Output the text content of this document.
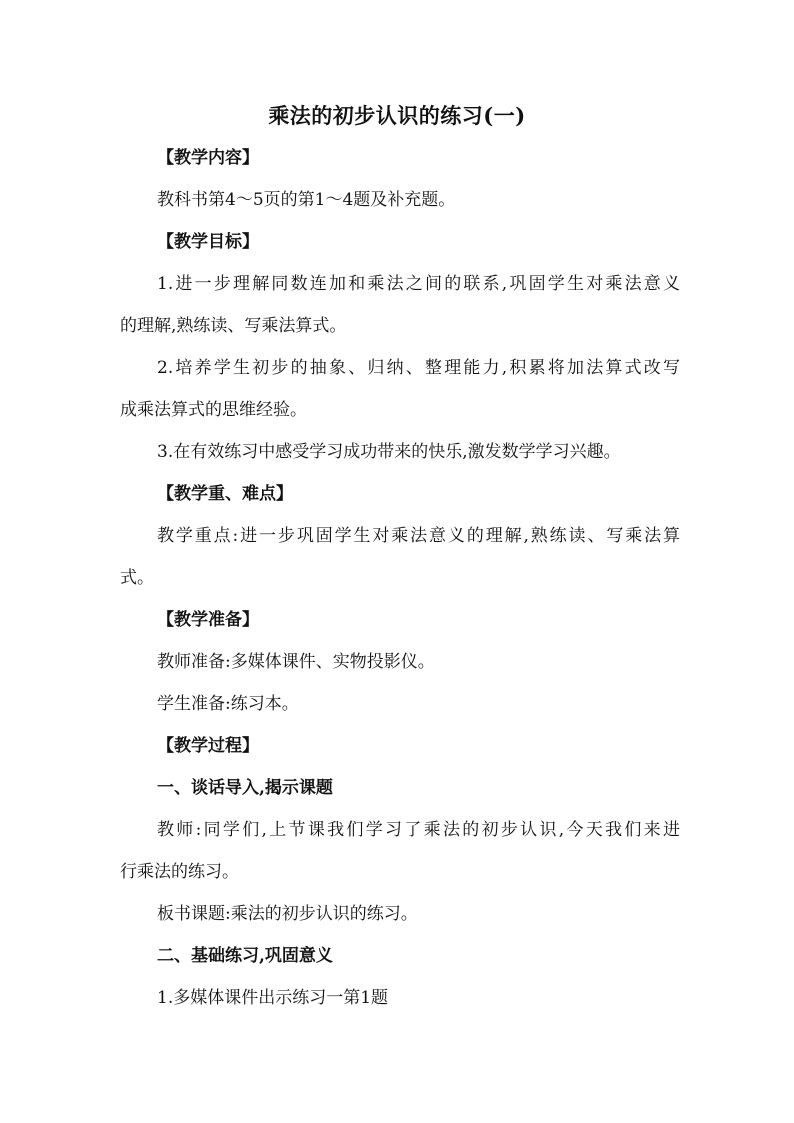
乘法的初步认识的练习(一)
【教学内容】
教科书第4～5页的第1～4题及补充题。
【教学目标】
1.进一步理解同数连加和乘法之间的联系,巩固学生对乘法意义
的理解,熟练读、写乘法算式。
2.培养学生初步的抽象、归纳、整理能力,积累将加法算式改写
成乘法算式的思维经验。
3.在有效练习中感受学习成功带来的快乐,激发数学学习兴趣。
【教学重、难点】
教学重点:进一步巩固学生对乘法意义的理解,熟练读、写乘法算
式。
【教学准备】
教师准备:多媒体课件、实物投影仪。
学生准备:练习本。
【教学过程】
一、谈话导入,揭示课题
教师:同学们,上节课我们学习了乘法的初步认识,今天我们来进
行乘法的练习。
板书课题:乘法的初步认识的练习。
二、基础练习,巩固意义
1.多媒体课件出示练习一第1题
